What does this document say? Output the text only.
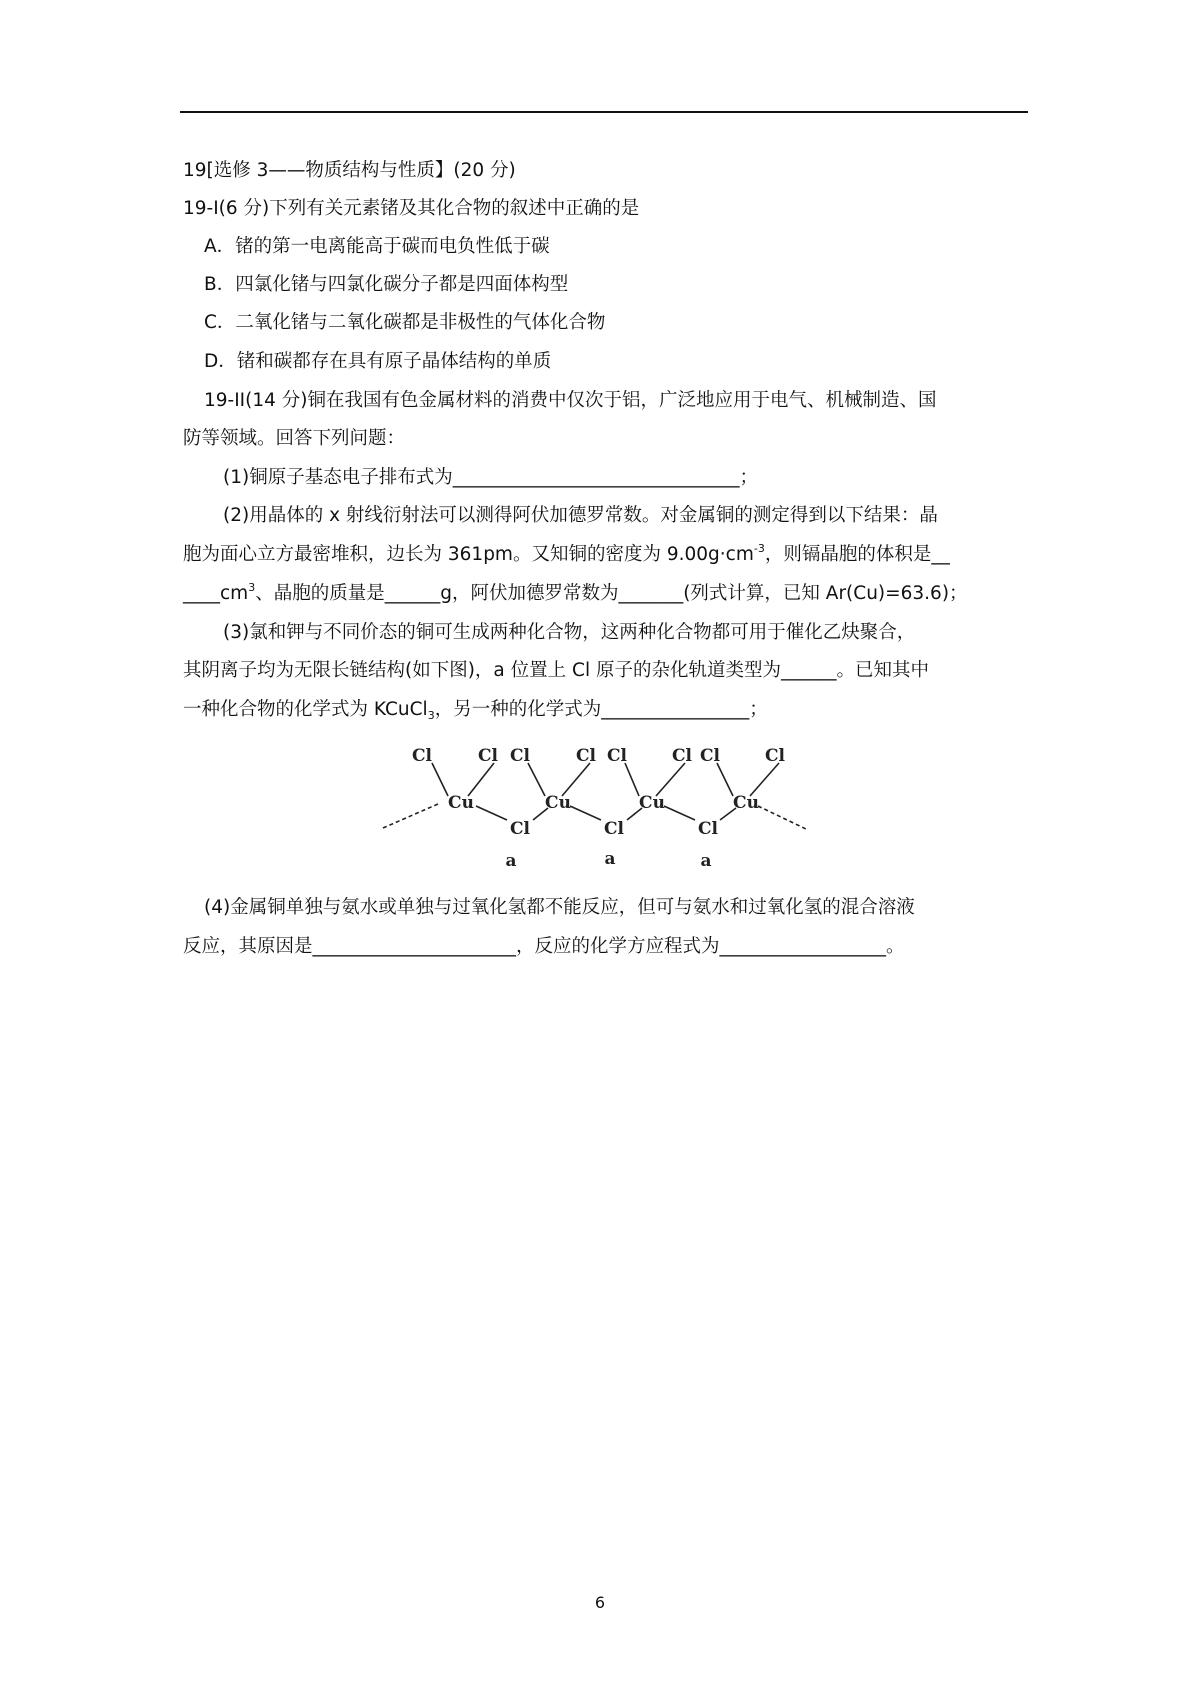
19[选修 3——物质结构与性质】(20 分)
19-I(6 分)下列有关元素锗及其化合物的叙述中正确的是
A．锗的第一电离能高于碳而电负性低于碳
B．四氯化锗与四氯化碳分子都是四面体构型
C．二氧化锗与二氧化碳都是非极性的气体化合物
D．锗和碳都存在具有原子晶体结构的单质
19-II(14 分)铜在我国有色金属材料的消费中仅次于铝，广泛地应用于电气、机械制造、国
防等领域。回答下列问题：
(1)铜原子基态电子排布式为_______________________________；
(2)用晶体的 x 射线衍射法可以测得阿伏加德罗常数。对金属铜的测定得到以下结果：晶
胞为面心立方最密堆积，边长为 361pm。又知铜的密度为 $9.00g\cdot cm^{-3}$，则镉晶胞的体积是__
$\_\_\_\_cm^3$、晶胞的质量是______g，阿伏加德罗常数为_______(列式计算，已知 Ar(Cu)=63.6)；
(3)氯和钾与不同价态的铜可生成两种化合物，这两种化合物都可用于催化乙炔聚合，
其阴离子均为无限长链结构(如下图)，a 位置上 Cl 原子的杂化轨道类型为______。已知其中
一种化合物的化学式为 KCuCl$_3$，另一种的化学式为________________；
Cl	Cl Cl	Cl Cl	Cl Cl	Cl
Cu	Cu	Cu	Cu
Cl	Cl	Cl
a	a	a
(4)金属铜单独与氨水或单独与过氧化氢都不能反应，但可与氨水和过氧化氢的混合溶液
反应，其原因是______________________，反应的化学方应程式为__________________。
6
